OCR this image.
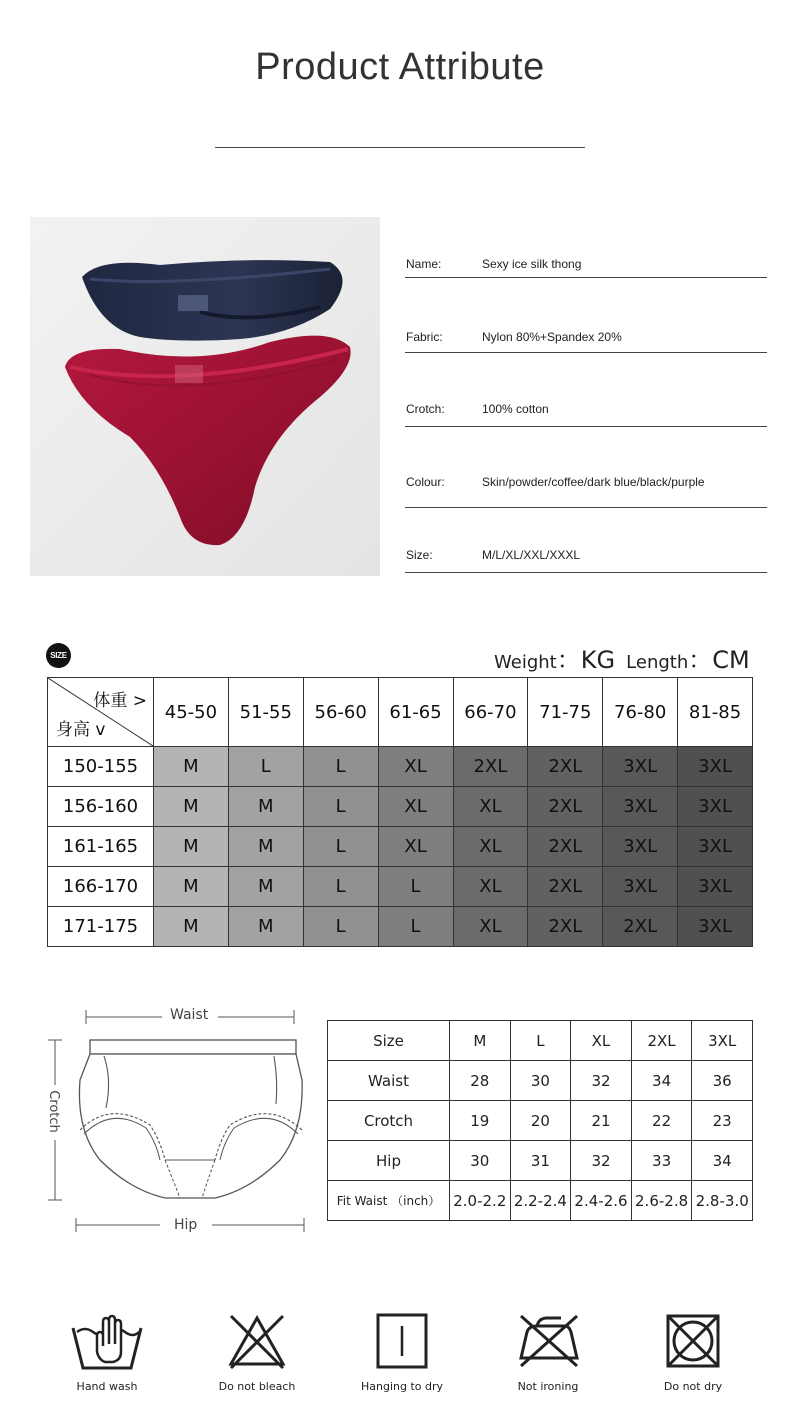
Product Attribute
Name:	Sexy ice silk thong
Fabric:	Nylon 80%+Spandex 20%
Crotch:	100% cotton
Colour:	Skin/powder/coffee/dark blue/black/purple
Size:	M/L/XL/XXL/XXXL
SIZE	Weight：KG Length：CM
体重 >
身高 v	45-50	51-55	56-60	61-65	66-70	71-75	76-80	81-85
150-155	M	L	L	XL	2XL	2XL	3XL	3XL
156-160	M	M	L	XL	XL	2XL	3XL	3XL
161-165	M	M	L	XL	XL	2XL	3XL	3XL
166-170	M	M	L	L	XL	2XL	3XL	3XL
171-175	M	M	L	L	XL	2XL	2XL	3XL
Waist
Crotch
Hip
Size	M	L	XL	2XL	3XL
Waist	28	30	32	34	36
Crotch	19	20	21	22	23
Hip	30	31	32	33	34
Fit Waist （inch）	2.0-2.2	2.2-2.4	2.4-2.6	2.6-2.8	2.8-3.0
Hand wash	Do not bleach	Hanging to dry	Not ironing	Do not dry
